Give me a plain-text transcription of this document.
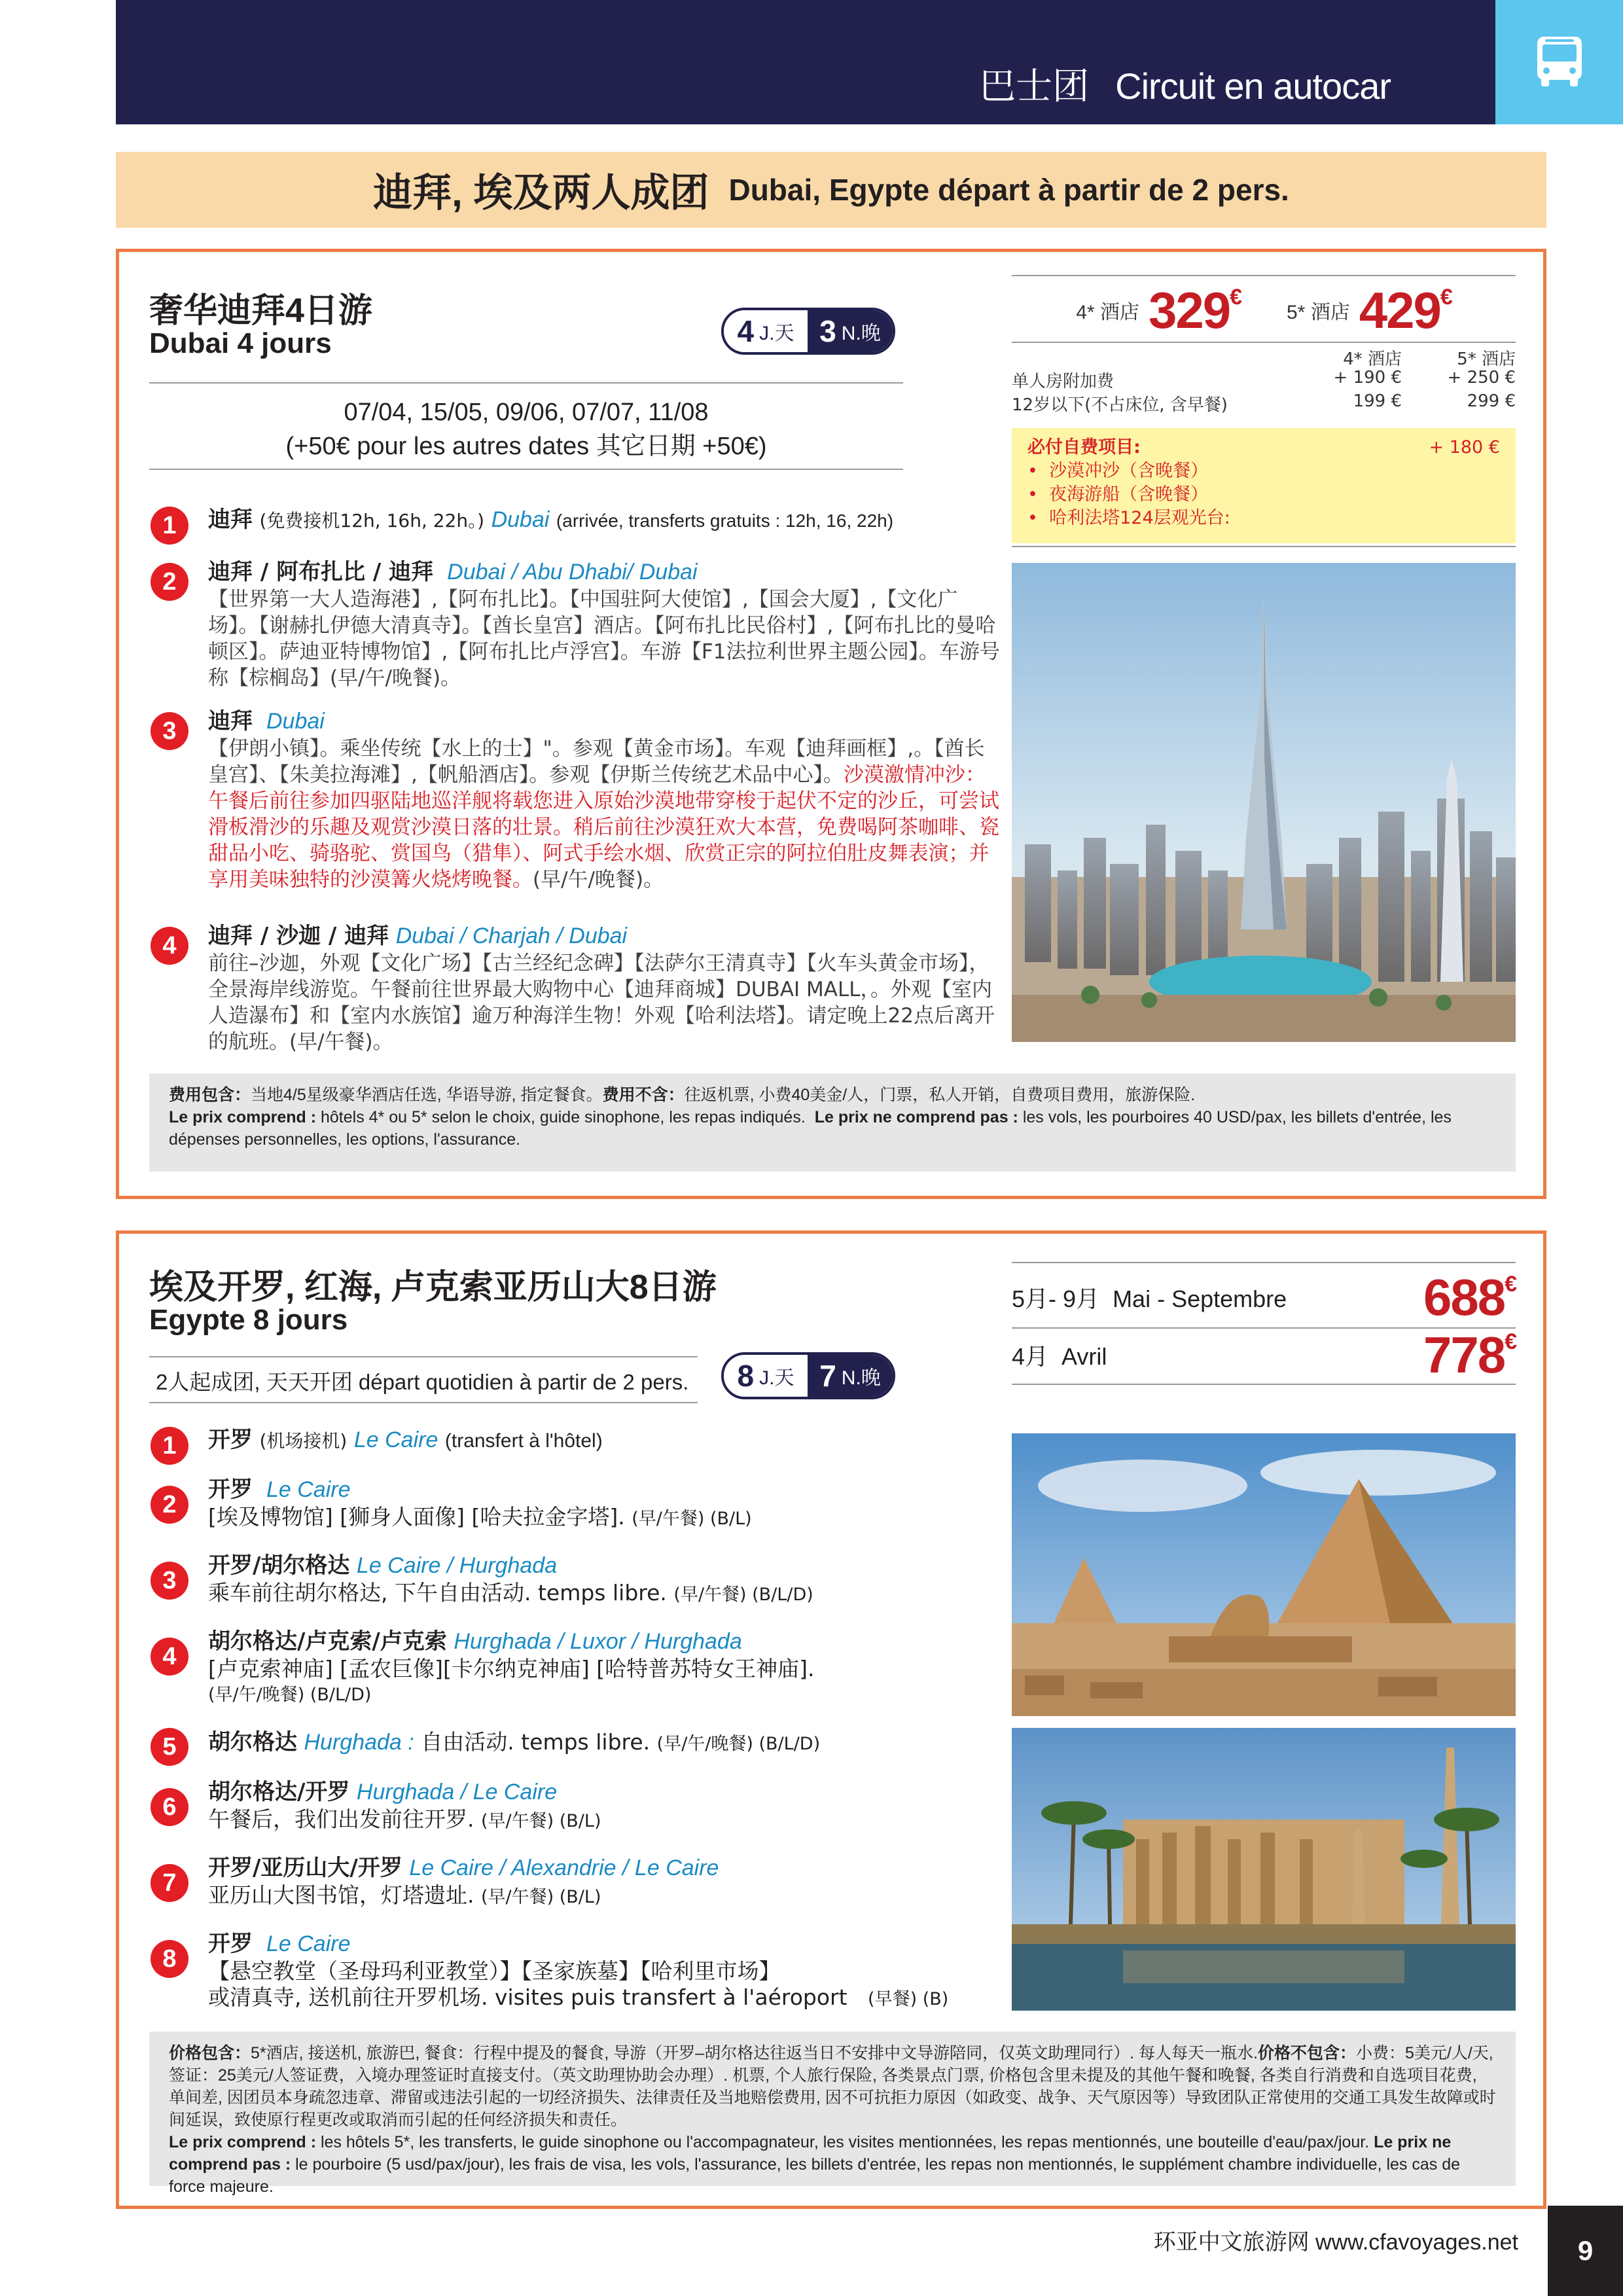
巴士团 Circuit en autocar
迪拜, 埃及两人成团 Dubai, Egypte départ à partir de 2 pers.
奢华迪拜4日游
Dubai 4 jours	4 J.天 3 N.晚
07/04, 15/05, 09/06, 07/07, 11/08
(+50€ pour les autres dates 其它日期 +50€)
1	迪拜 (免费接机12h, 16h, 22h。) Dubai (arrivée, transferts gratuits : 12h, 16, 22h)
2	迪拜 / 阿布扎比 / 迪拜 Dubai / Abu Dhabi/ Dubai
【世界第一大人造海港】,【阿布扎比】。【中国驻阿大使馆】,【国会大厦】,【文化广场】。【谢赫扎伊德大清真寺】。【酋长皇宫】酒店。【阿布扎比民俗村】,【阿布扎比的曼哈顿区】。萨迪亚特博物馆】,【阿布扎比卢浮宫】。车游【F1法拉利世界主题公园】。车游号称【棕榈岛】(早/午/晚餐)。
3	迪拜 Dubai
【伊朗小镇】。乘坐传统【水上的士】"。参观【黄金市场】。车观【迪拜画框】,。【酋长皇宫】、【朱美拉海滩】,【帆船酒店】。参观【伊斯兰传统艺术品中心】。沙漠激情冲沙：午餐后前往参加四驱陆地巡洋舰将载您进入原始沙漠地带穿梭于起伏不定的沙丘，可尝试滑板滑沙的乐趣及观赏沙漠日落的壮景。稍后前往沙漠狂欢大本营，免费喝阿茶咖啡、瓷甜品小吃、骑骆驼、赏国鸟（猎隼）、阿式手绘水烟、欣赏正宗的阿拉伯肚皮舞表演；并享用美味独特的沙漠篝火烧烤晚餐。(早/午/晚餐)。
4	迪拜 / 沙迦 / 迪拜 Dubai / Charjah / Dubai
前往–沙迦，外观【文化广场】【古兰经纪念碑】【法萨尔王清真寺】【火车头黄金市场】，全景海岸线游览。午餐前往世界最大购物中心【迪拜商城】DUBAI MALL，。外观【室内人造瀑布】和【室内水族馆】逾万种海洋生物！外观【哈利法塔】。请定晚上22点后离开的航班。(早/午餐)。
4* 酒店 329€
5* 酒店 429€
4* 酒店	5* 酒店
单人房附加费	+ 190 €	+ 250 €
12岁以下(不占床位, 含早餐)	199 €	299 €
必付自费项目:	+ 180 €
•  沙漠冲沙（含晚餐）
•  夜海游船（含晚餐）
•  哈利法塔124层观光台:
费用包含：当地4/5星级豪华酒店任选, 华语导游, 指定餐食。费用不含：往返机票, 小费40美金/人，门票，私人开销，自费项目费用，旅游保险.
Le prix comprend : hôtels 4* ou 5* selon le choix, guide sinophone, les repas indiqués. Le prix ne comprend pas : les vols, les pourboires 40 USD/pax, les billets d'entrée, les dépenses personnelles, les options, l'assurance.
埃及开罗, 红海, 卢克索亚历山大8日游
Egypte 8 jours
2人起成团, 天天开团 départ quotidien à partir de 2 pers. 8 J.天 7 N.晚
5月- 9月 Mai - Septembre	688€
4月 Avril	778€
1	开罗 (机场接机) Le Caire (transfert à l'hôtel)
2
开罗 Le Caire
[埃及博物馆] [狮身人面像] [哈夫拉金字塔]. (早/午餐) (B/L)
3
开罗/胡尔格达 Le Caire / Hurghada
乘车前往胡尔格达, 下午自由活动. temps libre. (早/午餐) (B/L/D)
4
胡尔格达/卢克索/卢克索 Hurghada / Luxor / Hurghada
[卢克索神庙] [孟农巨像][卡尔纳克神庙] [哈特普苏特女王神庙].
(早/午/晚餐) (B/L/D)
5	胡尔格达 Hurghada : 自由活动. temps libre. (早/午/晚餐) (B/L/D)
6
胡尔格达/开罗 Hurghada / Le Caire
午餐后，我们出发前往开罗. (早/午餐) (B/L)
7
开罗/亚历山大/开罗 Le Caire / Alexandrie / Le Caire
亚历山大图书馆，灯塔遗址. (早/午餐) (B/L)
8
开罗 Le Caire
【悬空教堂（圣母玛利亚教堂）】【圣家族墓】【哈利里市场】
或清真寺, 送机前往开罗机场. visites puis transfert à l'aéroport (早餐) (B)
价格包含：5*酒店, 接送机, 旅游巴, 餐食：行程中提及的餐食, 导游（开罗–胡尔格达往返当日不安排中文导游陪同，仅英文助理同行）. 每人每天一瓶水.价格不包含：小费：5美元/人/天, 签证：25美元/人签证费，入境办理签证时直接支付。（英文助理协助会办理）. 机票, 个人旅行保险, 各类景点门票, 价格包含里未提及的其他午餐和晚餐, 各类自行消费和自选项目花费, 单间差, 因团员本身疏忽违章、滞留或违法引起的一切经济损失、法律责任及当地赔偿费用, 因不可抗拒力原因（如政变、战争、天气原因等）导致团队正常使用的交通工具发生故障或时间延误，致使原行程更改或取消而引起的任何经济损失和责任。
Le prix comprend : les hôtels 5*, les transferts, le guide sinophone ou l'accompagnateur, les visites mentionnées, les repas mentionnés, une bouteille d'eau/pax/jour. Le prix ne comprend pas : le pourboire (5 usd/pax/jour), les frais de visa, les vols, l'assurance, les billets d'entrée, les repas non mentionnés, le supplément chambre individuelle, les cas de force majeure.
环亚中文旅游网 www.cfavoyages.net	9
